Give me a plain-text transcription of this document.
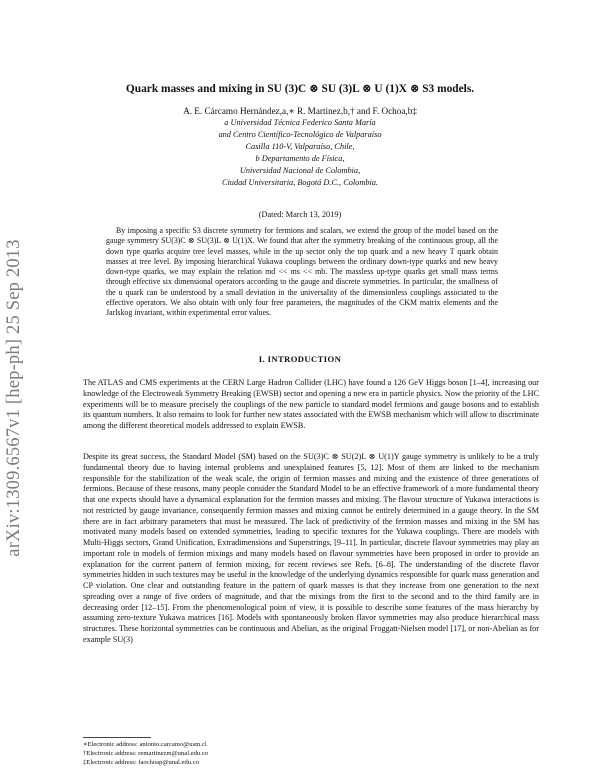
arXiv:1309.6567v1 [hep-ph] 25 Sep 2013
Quark masses and mixing in SU (3)C ⊗ SU (3)L ⊗ U (1)X ⊗ S3 models.
A. E. Cárcamo Hernández,a,∗ R. Martinez,b,† and F. Ochoa,b‡
a Universidad Técnica Federico Santa María
and Centro Científico-Tecnológico de Valparaíso
Casilla 110-V, Valparaíso, Chile,
b Departamento de Física,
Universidad Nacional de Colombia,
Ciudad Universitaria, Bogotá D.C., Colombia.
(Dated: March 13, 2019)

By imposing a specific S3 discrete symmetry for fermions and scalars, we extend the group of the model based on the gauge symmetry SU(3)C ⊗ SU(3)L ⊗ U(1)X. We found that after the symmetry breaking of the continuous group, all the down type quarks acquire tree level masses, while in the up sector only the top quark and a new heavy T quark obtain masses at tree level. By imposing hierarchical Yukawa couplings between the ordinary down-type quarks and new heavy down-type quarks, we may explain the relation md << ms << mb. The massless up-type quarks get small mass terms through effective six dimensional operators according to the gauge and discrete symmetries. In particular, the smallness of the u quark can be understood by a small deviation in the universality of the dimensionless couplings associated to the effective operators. We also obtain with only four free parameters, the magnitudes of the CKM matrix elements and the Jarlskog invariant, within experimental error values.

I. INTRODUCTION

The ATLAS and CMS experiments at the CERN Large Hadron Collider (LHC) have found a 126 GeV Higgs boson [1–4], increasing our knowledge of the Electroweak Symmetry Breaking (EWSB) sector and opening a new era in particle physics. Now the priority of the LHC experiments will be to measure precisely the couplings of the new particle to standard model fermions and gauge bosons and to establish its quantum numbers. It also remains to look for further new states associated with the EWSB mechanism which will allow to discriminate among the different theoretical models addressed to explain EWSB.

Despite its great success, the Standard Model (SM) based on the SU(3)C ⊗ SU(2)L ⊗ U(1)Y gauge symmetry is unlikely to be a truly fundamental theory due to having internal problems and unexplained features [5, 12]. Most of them are linked to the mechanism responsible for the stabilization of the weak scale, the origin of fermion masses and mixing and the existence of three generations of fermions. Because of these reasons, many people consider the Standard Model to be an effective framework of a more fundamental theory that one expects should have a dynamical explanation for the fermion masses and mixing. The flavour structure of Yukawa interactions is not restricted by gauge invariance, consequently fermion masses and mixing cannot be entirely determined in a gauge theory. In the SM there are in fact arbitrary parameters that must be measured. The lack of predictivity of the fermion masses and mixing in the SM has motivated many models based on extended symmetries, leading to specific textures for the Yukawa couplings. There are models with Multi-Higgs sectors, Grand Unification, Extradimensions and Superstrings, [9–11]. In particular, discrete flavour symmetries may play an important role in models of fermion mixings and many models based on flavour symmetries have been proposed in order to provide an explanation for the current pattern of fermion mixing, for recent reviews see Refs. [6–8]. The understanding of the discrete flavor symmetries hidden in such textures may be useful in the knowledge of the underlying dynamics responsible for quark mass generation and CP violation. One clear and outstanding feature in the pattern of quark masses is that they increase from one generation to the next spreading over a range of five orders of magnitude, and that the mixings from the first to the second and to the third family are in decreasing order [12–15]. From the phenomenological point of view, it is possible to describe some features of the mass hierarchy by assuming zero-texture Yukawa matrices [16]. Models with spontaneously broken flavor symmetries may also produce hierarchical mass structures. These horizontal symmetries can be continuous and Abelian, as the original Froggatt-Nielsen model [17], or non-Abelian as for example SU(3)

∗Electronic address: antonio.carcamo@usm.cl
†Electronic address: remartinezm@unal.edu.co
‡Electronic address: faochoap@unal.edu.co
